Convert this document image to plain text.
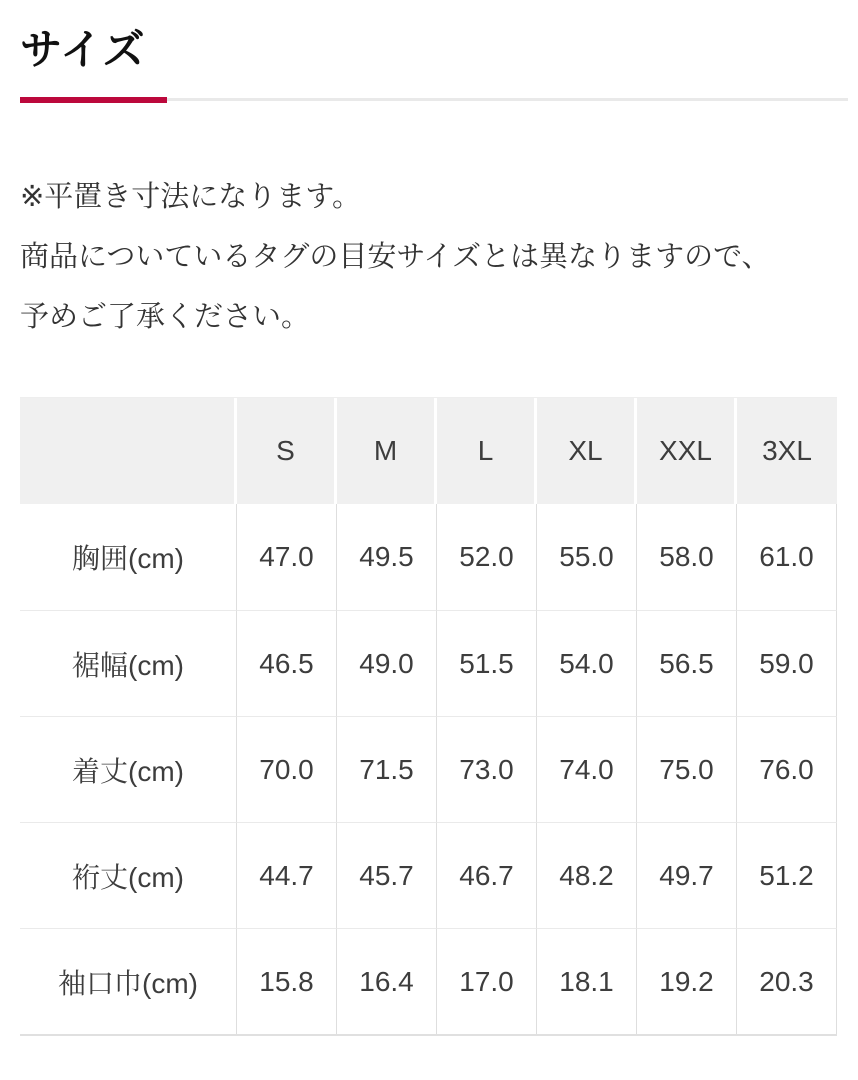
サイズ
※平置き寸法になります。
商品についているタグの目安サイズとは異なりますので、
予めご了承ください。
	S	M	L	XL	XXL	3XL
胸囲(cm)	47.0	49.5	52.0	55.0	58.0	61.0
裾幅(cm)	46.5	49.0	51.5	54.0	56.5	59.0
着丈(cm)	70.0	71.5	73.0	74.0	75.0	76.0
裄丈(cm)	44.7	45.7	46.7	48.2	49.7	51.2
袖口巾(cm)	15.8	16.4	17.0	18.1	19.2	20.3
